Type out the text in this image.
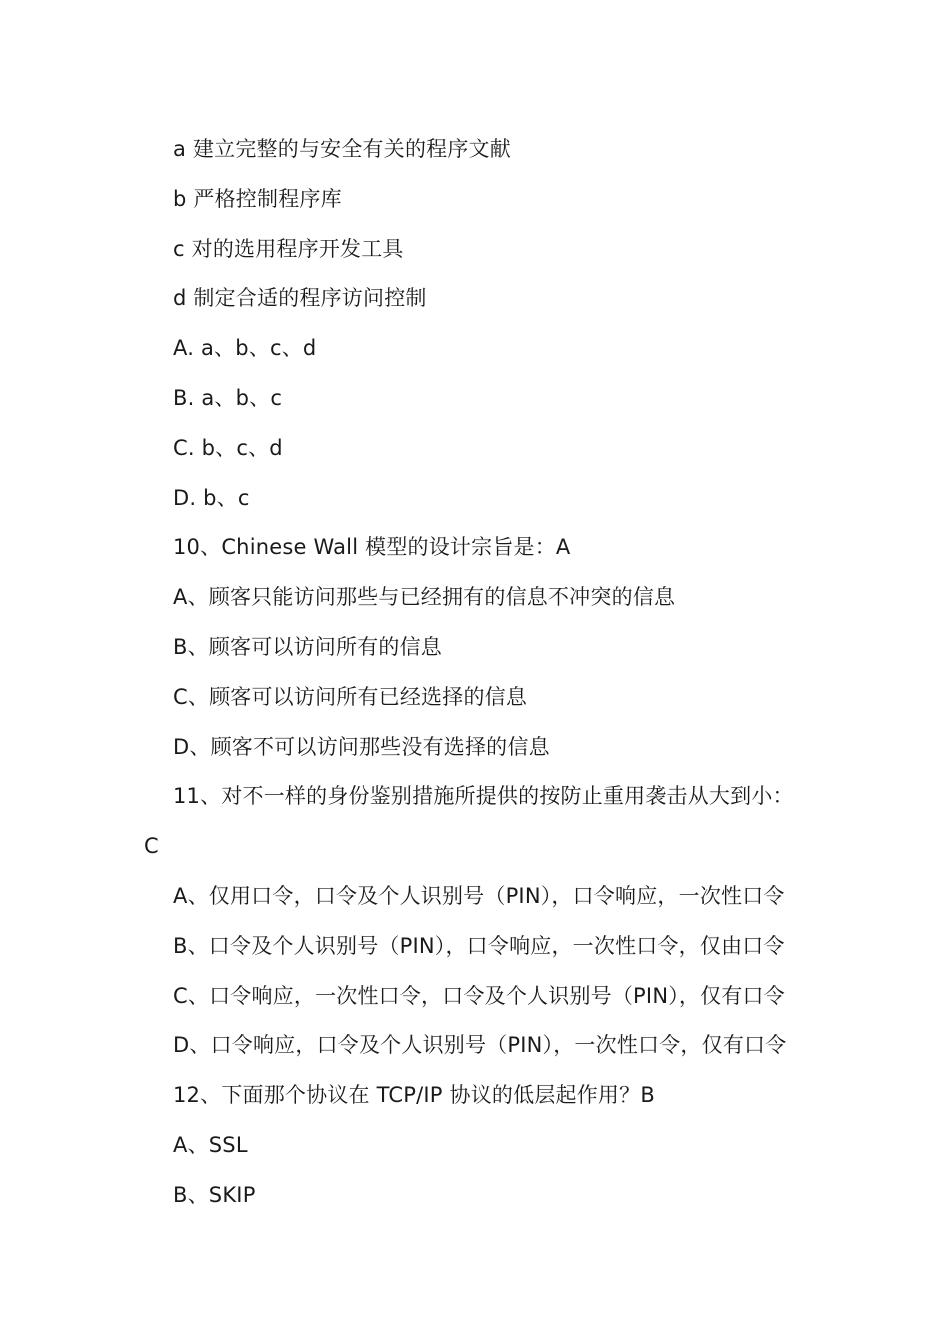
a 建立完整的与安全有关的程序文献
b 严格控制程序库
c 对的选用程序开发工具
d 制定合适的程序访问控制
A. a、b、c、d
B. a、b、c
C. b、c、d
D. b、c
10、Chinese Wall 模型的设计宗旨是：A
A、顾客只能访问那些与已经拥有的信息不冲突的信息
B、顾客可以访问所有的信息
C、顾客可以访问所有已经选择的信息
D、顾客不可以访问那些没有选择的信息
11、对不一样的身份鉴别措施所提供的按防止重用袭击从大到小：
C
A、仅用口令，口令及个人识别号（PIN），口令响应，一次性口令
B、口令及个人识别号（PIN），口令响应，一次性口令，仅由口令
C、口令响应，一次性口令，口令及个人识别号（PIN），仅有口令
D、口令响应，口令及个人识别号（PIN），一次性口令，仅有口令
12、下面那个协议在 TCP/IP 协议的低层起作用？B
A、SSL
B、SKIP
